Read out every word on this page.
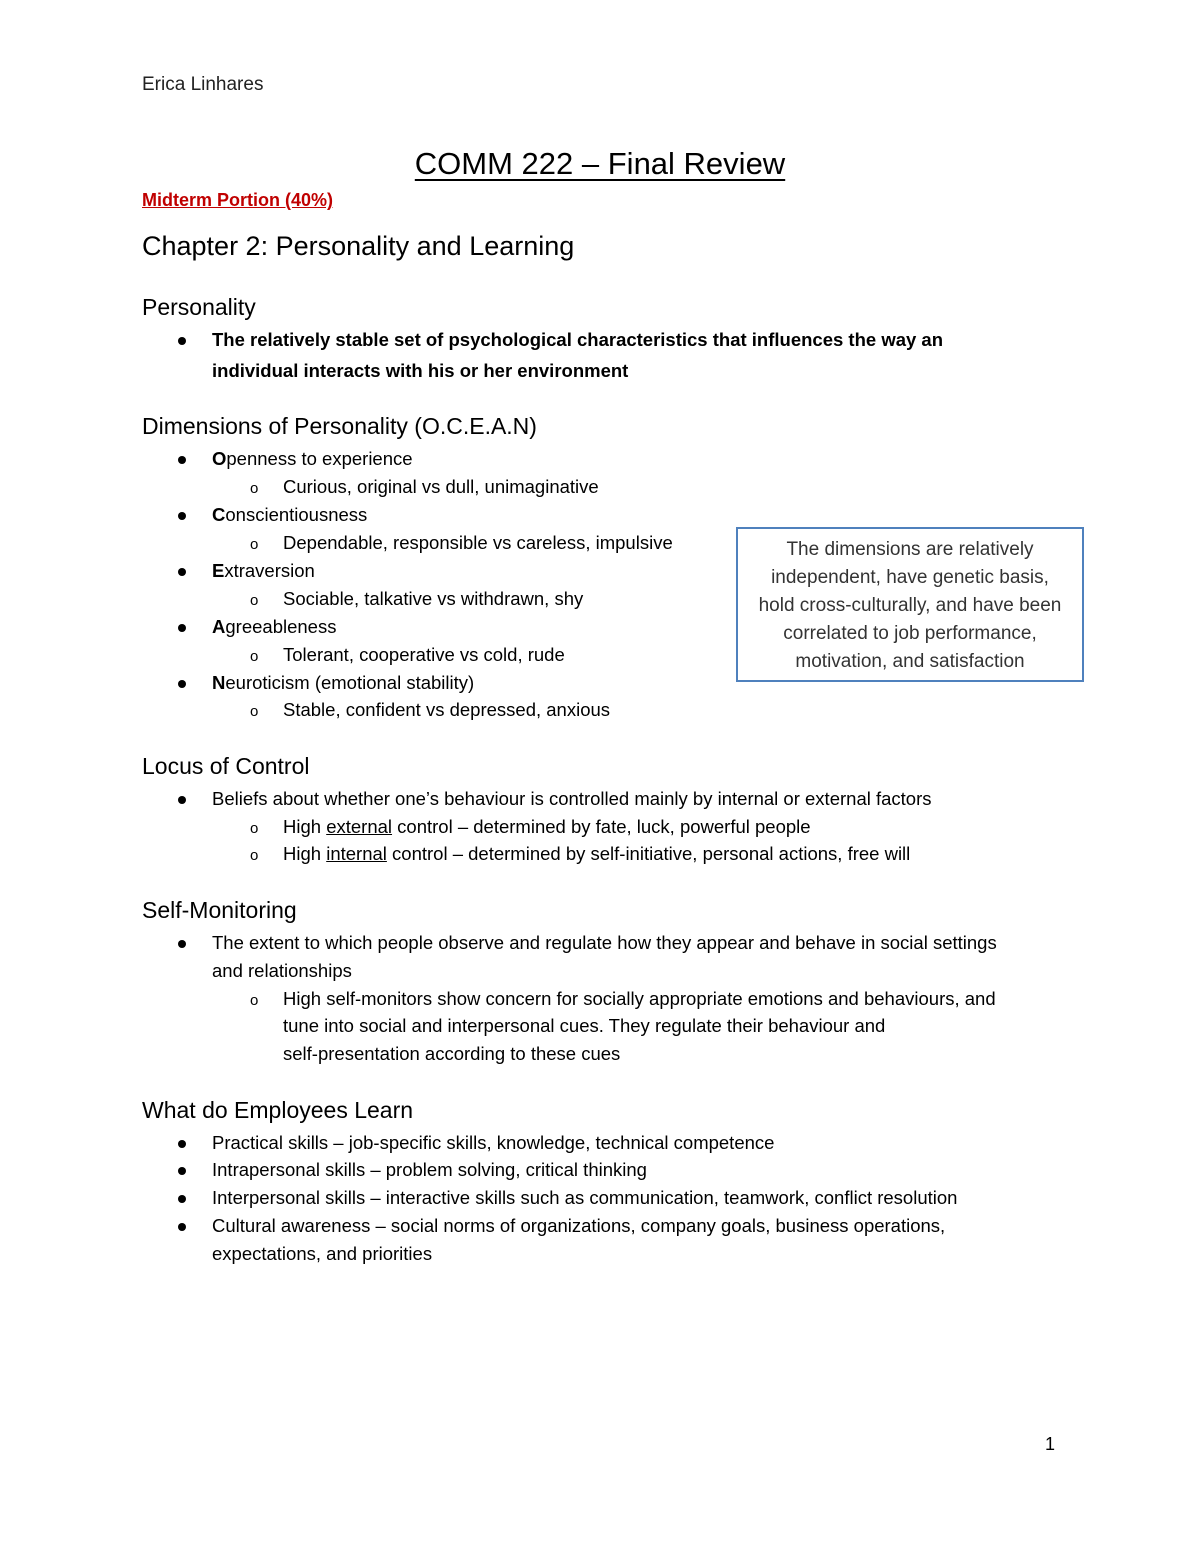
Erica Linhares
COMM 222 – Final Review
Midterm Portion (40%)
Chapter 2: Personality and Learning
Personality
The relatively stable set of psychological characteristics that influences the way an
individual interacts with his or her environment
Dimensions of Personality (O.C.E.A.N)
Openness to experience
o Curious, original vs dull, unimaginative
Conscientiousness
o Dependable, responsible vs careless, impulsive
Extraversion
o Sociable, talkative vs withdrawn, shy
Agreeableness
o Tolerant, cooperative vs cold, rude
Neuroticism (emotional stability)
o Stable, confident vs depressed, anxious
The dimensions are relatively
independent, have genetic basis,
hold cross-culturally, and have been
correlated to job performance,
motivation, and satisfaction
Locus of Control
Beliefs about whether one’s behaviour is controlled mainly by internal or external factors
o High external control – determined by fate, luck, powerful people
o High internal control – determined by self-initiative, personal actions, free will
Self-Monitoring
The extent to which people observe and regulate how they appear and behave in social settings
and relationships
o High self-monitors show concern for socially appropriate emotions and behaviours, and
tune into social and interpersonal cues. They regulate their behaviour and
self-presentation according to these cues
What do Employees Learn
Practical skills – job-specific skills, knowledge, technical competence
Intrapersonal skills – problem solving, critical thinking
Interpersonal skills – interactive skills such as communication, teamwork, conflict resolution
Cultural awareness – social norms of organizations, company goals, business operations,
expectations, and priorities
1
